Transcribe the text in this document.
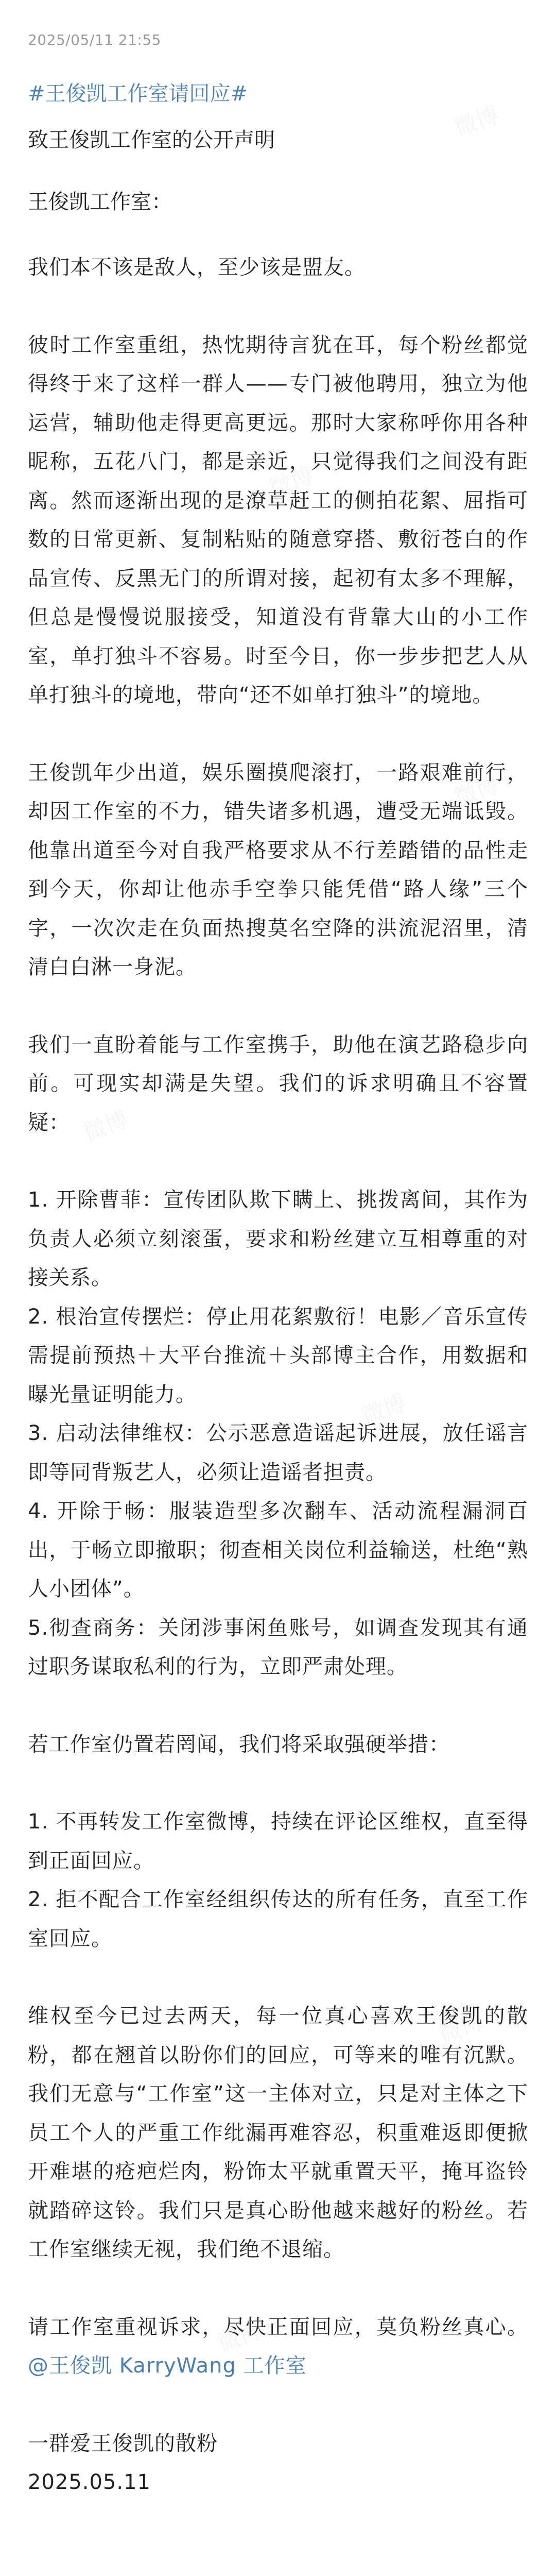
2025/05/11 21:55
#王俊凯工作室请回应#
致王俊凯工作室的公开声明
王俊凯工作室：

我们本不该是敌人，至少该是盟友。

彼时工作室重组，热忱期待言犹在耳，每个粉丝都觉得终于来了这样一群人——专门被他聘用，独立为他运营，辅助他走得更高更远。那时大家称呼你用各种昵称，五花八门，都是亲近，只觉得我们之间没有距离。然而逐渐出现的是潦草赶工的侧拍花絮、屈指可数的日常更新、复制粘贴的随意穿搭、敷衍苍白的作品宣传、反黑无门的所谓对接，起初有太多不理解，但总是慢慢说服接受，知道没有背靠大山的小工作室，单打独斗不容易。时至今日，你一步步把艺人从单打独斗的境地，带向“还不如单打独斗”的境地。

王俊凯年少出道，娱乐圈摸爬滚打，一路艰难前行，却因工作室的不力，错失诸多机遇，遭受无端诋毁。他靠出道至今对自我严格要求从不行差踏错的品性走到今天，你却让他赤手空拳只能凭借“路人缘”三个字，一次次走在负面热搜莫名空降的洪流泥沼里，清清白白淋一身泥。

我们一直盼着能与工作室携手，助他在演艺路稳步向前。可现实却满是失望。我们的诉求明确且不容置疑：

1. 开除曹菲：宣传团队欺下瞒上、挑拨离间，其作为负责人必须立刻滚蛋，要求和粉丝建立互相尊重的对接关系。
2. 根治宣传摆烂：停止用花絮敷衍！电影／音乐宣传需提前预热＋大平台推流＋头部博主合作，用数据和曝光量证明能力。
3. 启动法律维权：公示恶意造谣起诉进展，放任谣言即等同背叛艺人，必须让造谣者担责。
4. 开除于畅：服装造型多次翻车、活动流程漏洞百出，于畅立即撤职；彻查相关岗位利益输送，杜绝“熟人小团体”。
5.彻查商务：关闭涉事闲鱼账号，如调查发现其有通过职务谋取私利的行为，立即严肃处理。

若工作室仍置若罔闻，我们将采取强硬举措：

1. 不再转发工作室微博，持续在评论区维权，直至得到正面回应。
2. 拒不配合工作室经组织传达的所有任务，直至工作室回应。

维权至今已过去两天，每一位真心喜欢王俊凯的散粉，都在翘首以盼你们的回应，可等来的唯有沉默。我们无意与“工作室”这一主体对立，只是对主体之下员工个人的严重工作纰漏再难容忍，积重难返即便掀开难堪的疮疤烂肉，粉饰太平就重置天平，掩耳盗铃就踏碎这铃。我们只是真心盼他越来越好的粉丝。若工作室继续无视，我们绝不退缩。

请工作室重视诉求，尽快正面回应，莫负粉丝真心。 @王俊凯 KarryWang 工作室

一群爱王俊凯的散粉
2025.05.11
